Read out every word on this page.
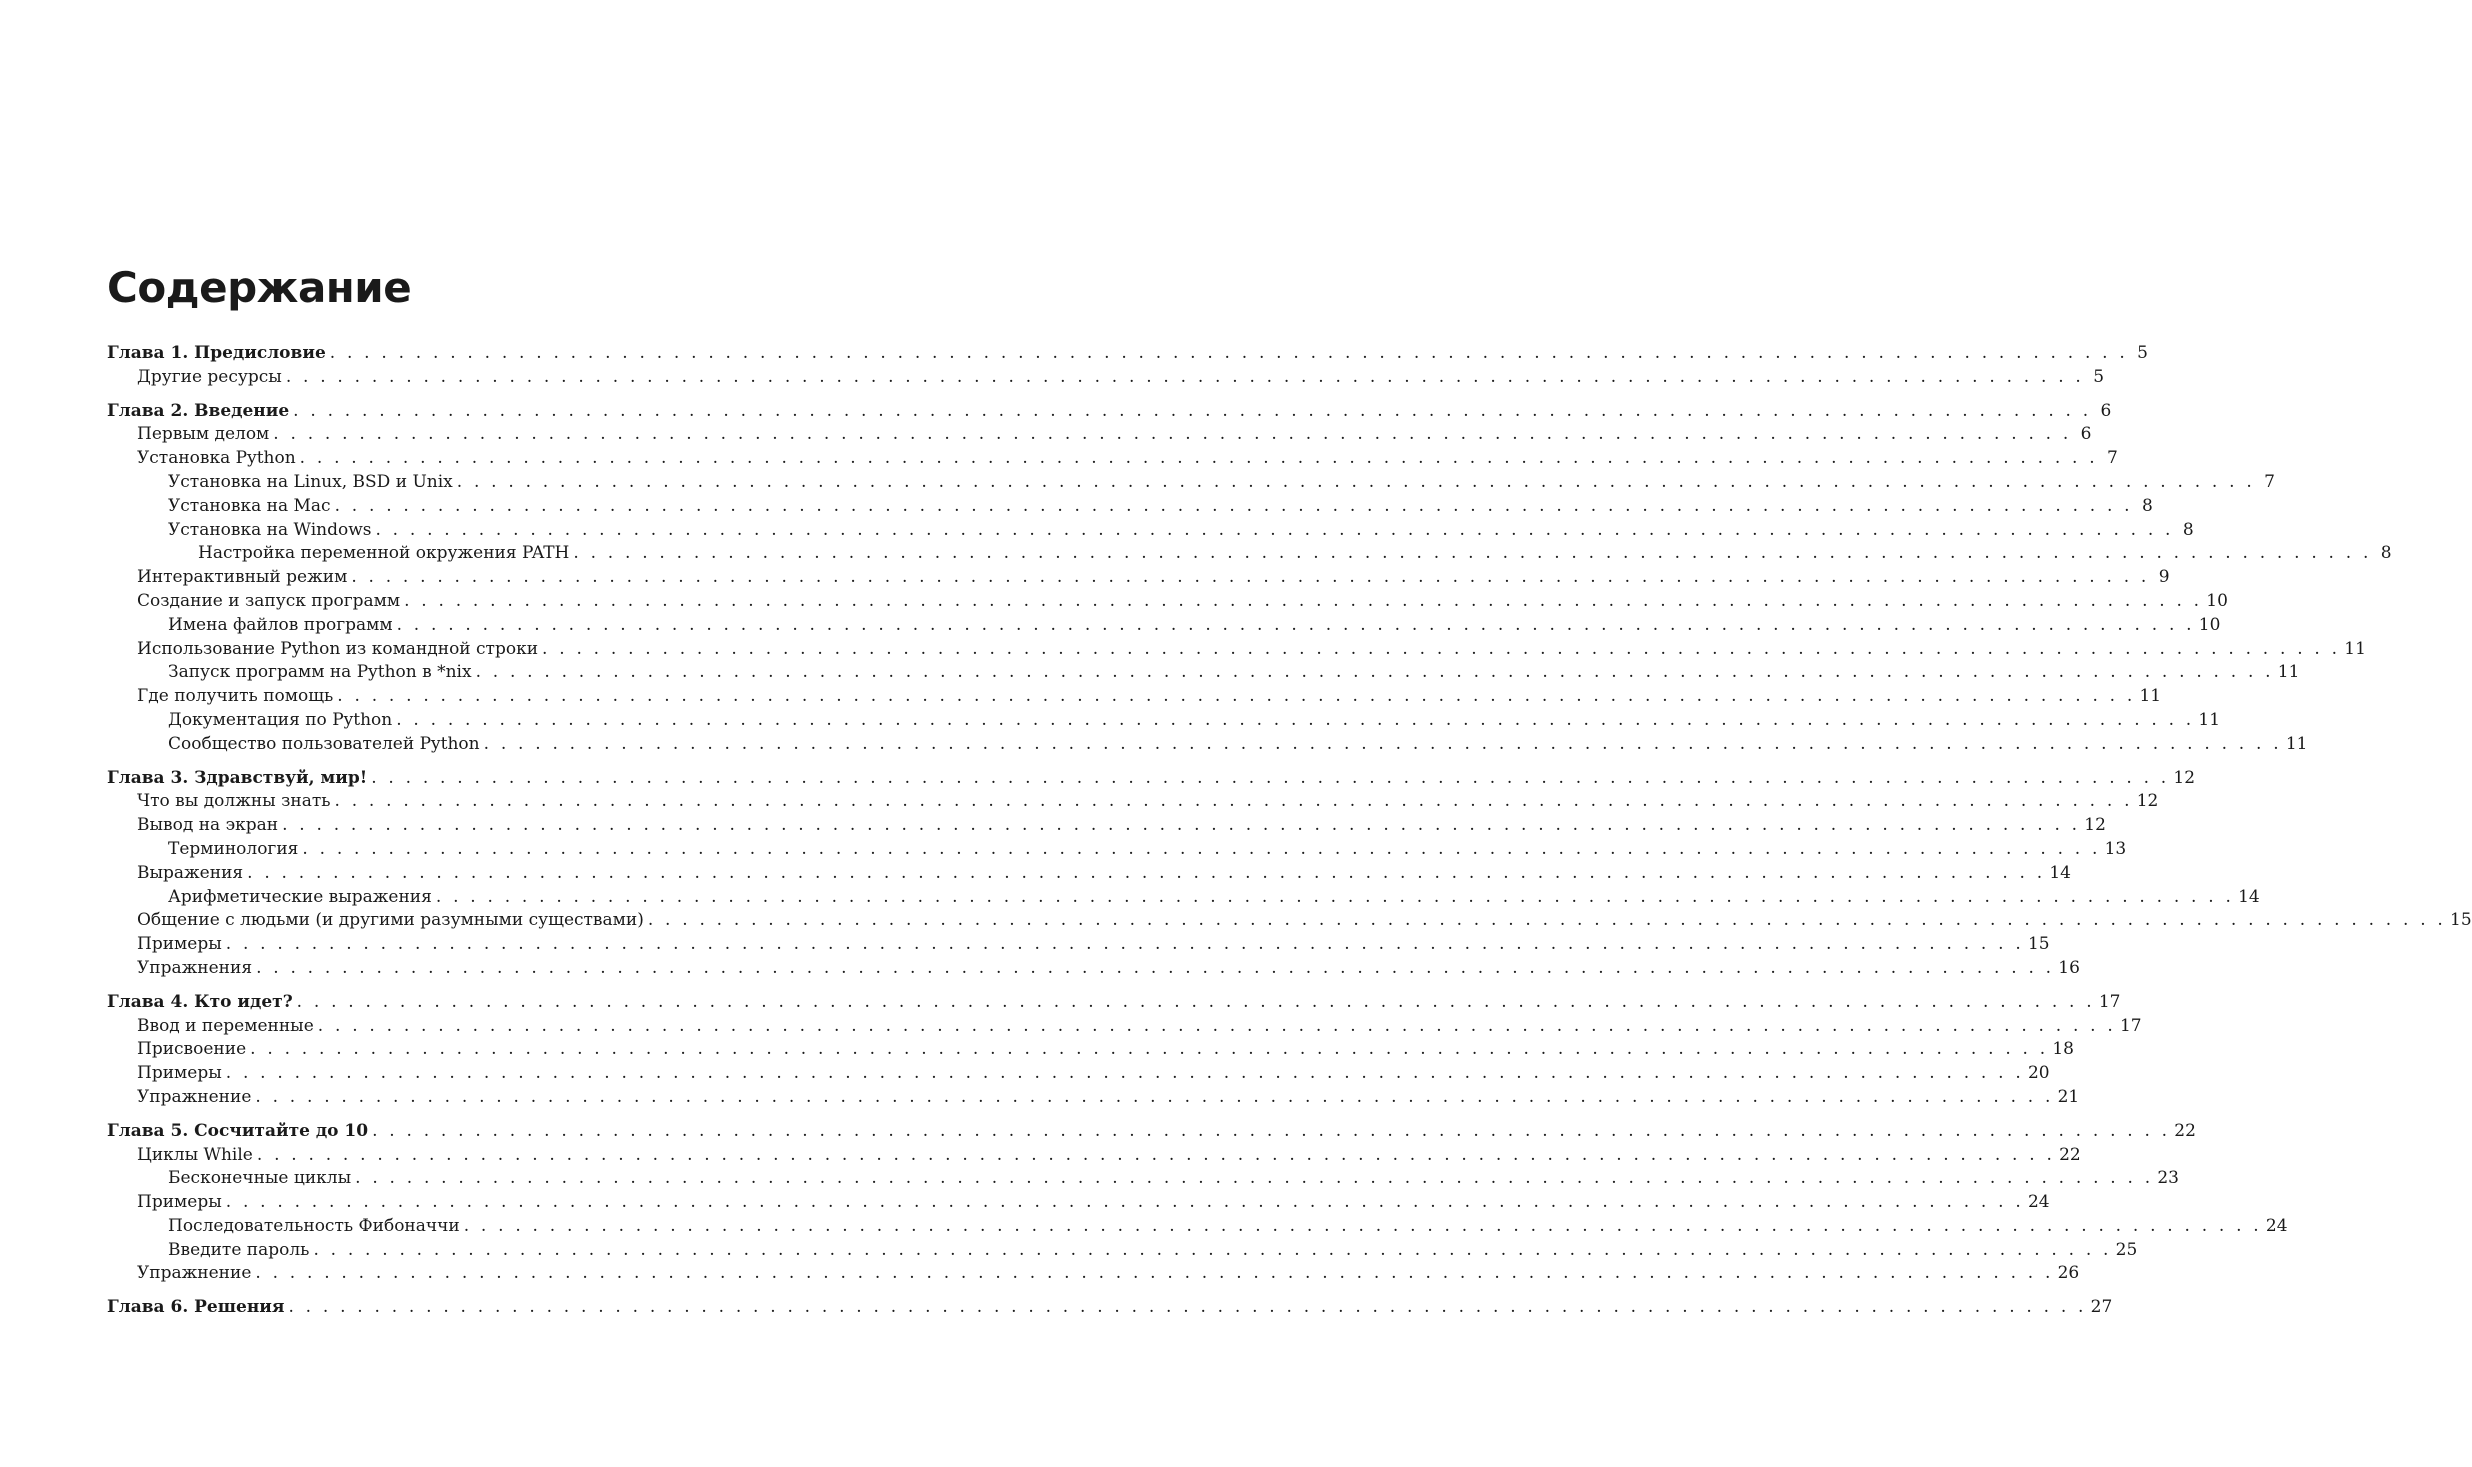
Содержание
Глава 1. Предисловие . . . . . . . . . . . . . . . . . . . . . . . . . . . . . . . . . . . . . . . . . . . . . . . . . . . . . . . . . . . . . . . . . . . . . . . . . . . . . . . . . . . . . . . . . . . . . . . . . . . . . . . . . 5
Другие ресурсы . . . . . . . . . . . . . . . . . . . . . . . . . . . . . . . . . . . . . . . . . . . . . . . . . . . . . . . . . . . . . . . . . . . . . . . . . . . . . . . . . . . . . . . . . . . . . . . . . . . . . . . . . 5
Глава 2. Введение . . . . . . . . . . . . . . . . . . . . . . . . . . . . . . . . . . . . . . . . . . . . . . . . . . . . . . . . . . . . . . . . . . . . . . . . . . . . . . . . . . . . . . . . . . . . . . . . . . . . . . . . . 6
Первым делом . . . . . . . . . . . . . . . . . . . . . . . . . . . . . . . . . . . . . . . . . . . . . . . . . . . . . . . . . . . . . . . . . . . . . . . . . . . . . . . . . . . . . . . . . . . . . . . . . . . . . . . . . 6
Установка Python . . . . . . . . . . . . . . . . . . . . . . . . . . . . . . . . . . . . . . . . . . . . . . . . . . . . . . . . . . . . . . . . . . . . . . . . . . . . . . . . . . . . . . . . . . . . . . . . . . . . . . . . . 7
Установка на Linux, BSD и Unix . . . . . . . . . . . . . . . . . . . . . . . . . . . . . . . . . . . . . . . . . . . . . . . . . . . . . . . . . . . . . . . . . . . . . . . . . . . . . . . . . . . . . . . . . . . . . . . . . . . . . . . . . 7
Установка на Mac . . . . . . . . . . . . . . . . . . . . . . . . . . . . . . . . . . . . . . . . . . . . . . . . . . . . . . . . . . . . . . . . . . . . . . . . . . . . . . . . . . . . . . . . . . . . . . . . . . . . . . . . . 8
Установка на Windows . . . . . . . . . . . . . . . . . . . . . . . . . . . . . . . . . . . . . . . . . . . . . . . . . . . . . . . . . . . . . . . . . . . . . . . . . . . . . . . . . . . . . . . . . . . . . . . . . . . . . . . . . 8
Настройка переменной окружения PATH . . . . . . . . . . . . . . . . . . . . . . . . . . . . . . . . . . . . . . . . . . . . . . . . . . . . . . . . . . . . . . . . . . . . . . . . . . . . . . . . . . . . . . . . . . . . . . . . . . . . . . . . . 8
Интерактивный режим . . . . . . . . . . . . . . . . . . . . . . . . . . . . . . . . . . . . . . . . . . . . . . . . . . . . . . . . . . . . . . . . . . . . . . . . . . . . . . . . . . . . . . . . . . . . . . . . . . . . . . . . . 9
Создание и запуск программ . . . . . . . . . . . . . . . . . . . . . . . . . . . . . . . . . . . . . . . . . . . . . . . . . . . . . . . . . . . . . . . . . . . . . . . . . . . . . . . . . . . . . . . . . . . . . . . . . . . . . . . . . 10
Имена файлов программ . . . . . . . . . . . . . . . . . . . . . . . . . . . . . . . . . . . . . . . . . . . . . . . . . . . . . . . . . . . . . . . . . . . . . . . . . . . . . . . . . . . . . . . . . . . . . . . . . . . . . . . . . 10
Использование Python из командной строки . . . . . . . . . . . . . . . . . . . . . . . . . . . . . . . . . . . . . . . . . . . . . . . . . . . . . . . . . . . . . . . . . . . . . . . . . . . . . . . . . . . . . . . . . . . . . . . . . . . . . . . . . 11
Запуск программ на Python в *nix . . . . . . . . . . . . . . . . . . . . . . . . . . . . . . . . . . . . . . . . . . . . . . . . . . . . . . . . . . . . . . . . . . . . . . . . . . . . . . . . . . . . . . . . . . . . . . . . . . . . . . . . . 11
Где получить помощь . . . . . . . . . . . . . . . . . . . . . . . . . . . . . . . . . . . . . . . . . . . . . . . . . . . . . . . . . . . . . . . . . . . . . . . . . . . . . . . . . . . . . . . . . . . . . . . . . . . . . . . . . 11
Документация по Python . . . . . . . . . . . . . . . . . . . . . . . . . . . . . . . . . . . . . . . . . . . . . . . . . . . . . . . . . . . . . . . . . . . . . . . . . . . . . . . . . . . . . . . . . . . . . . . . . . . . . . . . . 11
Сообщество пользователей Python . . . . . . . . . . . . . . . . . . . . . . . . . . . . . . . . . . . . . . . . . . . . . . . . . . . . . . . . . . . . . . . . . . . . . . . . . . . . . . . . . . . . . . . . . . . . . . . . . . . . . . . . . 11
Глава 3. Здравствуй, мир! . . . . . . . . . . . . . . . . . . . . . . . . . . . . . . . . . . . . . . . . . . . . . . . . . . . . . . . . . . . . . . . . . . . . . . . . . . . . . . . . . . . . . . . . . . . . . . . . . . . . . . . . . 12
Что вы должны знать . . . . . . . . . . . . . . . . . . . . . . . . . . . . . . . . . . . . . . . . . . . . . . . . . . . . . . . . . . . . . . . . . . . . . . . . . . . . . . . . . . . . . . . . . . . . . . . . . . . . . . . . . 12
Вывод на экран . . . . . . . . . . . . . . . . . . . . . . . . . . . . . . . . . . . . . . . . . . . . . . . . . . . . . . . . . . . . . . . . . . . . . . . . . . . . . . . . . . . . . . . . . . . . . . . . . . . . . . . . . 12
Терминология . . . . . . . . . . . . . . . . . . . . . . . . . . . . . . . . . . . . . . . . . . . . . . . . . . . . . . . . . . . . . . . . . . . . . . . . . . . . . . . . . . . . . . . . . . . . . . . . . . . . . . . . . 13
Выражения . . . . . . . . . . . . . . . . . . . . . . . . . . . . . . . . . . . . . . . . . . . . . . . . . . . . . . . . . . . . . . . . . . . . . . . . . . . . . . . . . . . . . . . . . . . . . . . . . . . . . . . . . 14
Арифметические выражения . . . . . . . . . . . . . . . . . . . . . . . . . . . . . . . . . . . . . . . . . . . . . . . . . . . . . . . . . . . . . . . . . . . . . . . . . . . . . . . . . . . . . . . . . . . . . . . . . . . . . . . . . 14
Общение с людьми (и другими разумными существами) . . . . . . . . . . . . . . . . . . . . . . . . . . . . . . . . . . . . . . . . . . . . . . . . . . . . . . . . . . . . . . . . . . . . . . . . . . . . . . . . . . . . . . . . . . . . . . . . . . . . . . . . . 15
Примеры . . . . . . . . . . . . . . . . . . . . . . . . . . . . . . . . . . . . . . . . . . . . . . . . . . . . . . . . . . . . . . . . . . . . . . . . . . . . . . . . . . . . . . . . . . . . . . . . . . . . . . . . . 15
Упражнения . . . . . . . . . . . . . . . . . . . . . . . . . . . . . . . . . . . . . . . . . . . . . . . . . . . . . . . . . . . . . . . . . . . . . . . . . . . . . . . . . . . . . . . . . . . . . . . . . . . . . . . . . 16
Глава 4. Кто идет? . . . . . . . . . . . . . . . . . . . . . . . . . . . . . . . . . . . . . . . . . . . . . . . . . . . . . . . . . . . . . . . . . . . . . . . . . . . . . . . . . . . . . . . . . . . . . . . . . . . . . . . . . 17
Ввод и переменные . . . . . . . . . . . . . . . . . . . . . . . . . . . . . . . . . . . . . . . . . . . . . . . . . . . . . . . . . . . . . . . . . . . . . . . . . . . . . . . . . . . . . . . . . . . . . . . . . . . . . . . . . 17
Присвоение . . . . . . . . . . . . . . . . . . . . . . . . . . . . . . . . . . . . . . . . . . . . . . . . . . . . . . . . . . . . . . . . . . . . . . . . . . . . . . . . . . . . . . . . . . . . . . . . . . . . . . . . . 18
Примеры . . . . . . . . . . . . . . . . . . . . . . . . . . . . . . . . . . . . . . . . . . . . . . . . . . . . . . . . . . . . . . . . . . . . . . . . . . . . . . . . . . . . . . . . . . . . . . . . . . . . . . . . . 20
Упражнение . . . . . . . . . . . . . . . . . . . . . . . . . . . . . . . . . . . . . . . . . . . . . . . . . . . . . . . . . . . . . . . . . . . . . . . . . . . . . . . . . . . . . . . . . . . . . . . . . . . . . . . . . 21
Глава 5. Сосчитайте до 10 . . . . . . . . . . . . . . . . . . . . . . . . . . . . . . . . . . . . . . . . . . . . . . . . . . . . . . . . . . . . . . . . . . . . . . . . . . . . . . . . . . . . . . . . . . . . . . . . . . . . . . . . . 22
Циклы While . . . . . . . . . . . . . . . . . . . . . . . . . . . . . . . . . . . . . . . . . . . . . . . . . . . . . . . . . . . . . . . . . . . . . . . . . . . . . . . . . . . . . . . . . . . . . . . . . . . . . . . . . 22
Бесконечные циклы . . . . . . . . . . . . . . . . . . . . . . . . . . . . . . . . . . . . . . . . . . . . . . . . . . . . . . . . . . . . . . . . . . . . . . . . . . . . . . . . . . . . . . . . . . . . . . . . . . . . . . . . . 23
Примеры . . . . . . . . . . . . . . . . . . . . . . . . . . . . . . . . . . . . . . . . . . . . . . . . . . . . . . . . . . . . . . . . . . . . . . . . . . . . . . . . . . . . . . . . . . . . . . . . . . . . . . . . . 24
Последовательность Фибоначчи . . . . . . . . . . . . . . . . . . . . . . . . . . . . . . . . . . . . . . . . . . . . . . . . . . . . . . . . . . . . . . . . . . . . . . . . . . . . . . . . . . . . . . . . . . . . . . . . . . . . . . . . . 24
Введите пароль . . . . . . . . . . . . . . . . . . . . . . . . . . . . . . . . . . . . . . . . . . . . . . . . . . . . . . . . . . . . . . . . . . . . . . . . . . . . . . . . . . . . . . . . . . . . . . . . . . . . . . . . . 25
Упражнение . . . . . . . . . . . . . . . . . . . . . . . . . . . . . . . . . . . . . . . . . . . . . . . . . . . . . . . . . . . . . . . . . . . . . . . . . . . . . . . . . . . . . . . . . . . . . . . . . . . . . . . . . 26
Глава 6. Решения . . . . . . . . . . . . . . . . . . . . . . . . . . . . . . . . . . . . . . . . . . . . . . . . . . . . . . . . . . . . . . . . . . . . . . . . . . . . . . . . . . . . . . . . . . . . . . . . . . . . . . . . . 27
